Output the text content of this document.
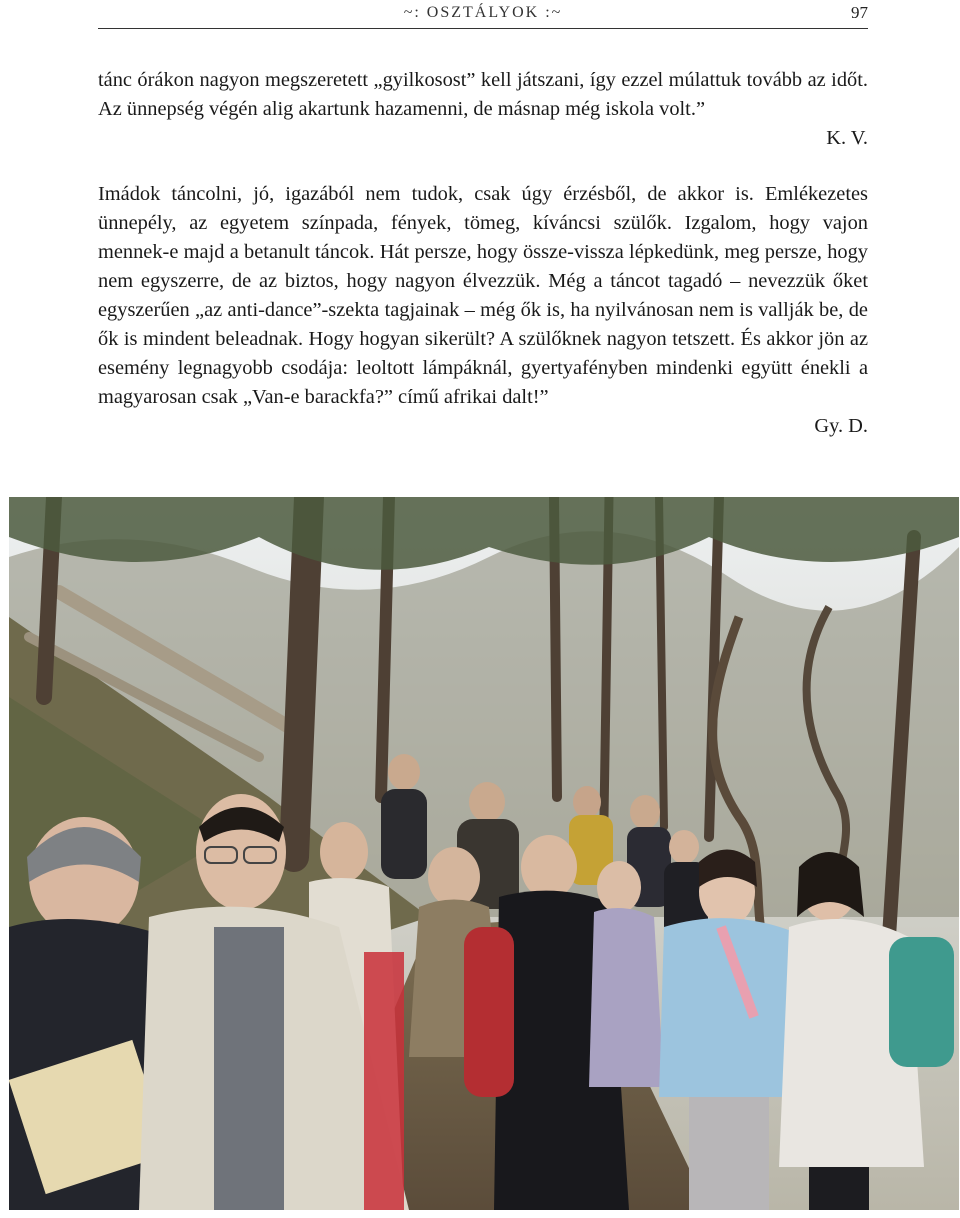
~: OSZTÁLYOK :~	97

tánc órákon nagyon megszeretett „gyilkosost” kell játszani, így ezzel múlattuk tovább az időt. Az ünnepség végén alig akartunk hazamenni, de másnap még iskola volt.”

K. V.

Imádok táncolni, jó, igazából nem tudok, csak úgy érzésből, de akkor is. Emlékezetes ünnepély, az egyetem színpada, fények, tömeg, kíváncsi szülők. Izgalom, hogy vajon mennek-e majd a betanult táncok. Hát persze, hogy össze-vissza lépkedünk, meg persze, hogy nem egyszerre, de az biztos, hogy nagyon élvezzük. Még a táncot tagadó – nevezzük őket egyszerűen „az anti-dance”-szekta tagjainak – még ők is, ha nyilvánosan nem is vallják be, de ők is mindent beleadnak. Hogy hogyan sikerült? A szülőknek nagyon tetszett. És akkor jön az esemény legnagyobb csodája: leoltott lámpáknál, gyertyafényben mindenki együtt énekli a magyarosan csak „Van-e barackfa?” című afrikai dalt!”

Gy. D.
